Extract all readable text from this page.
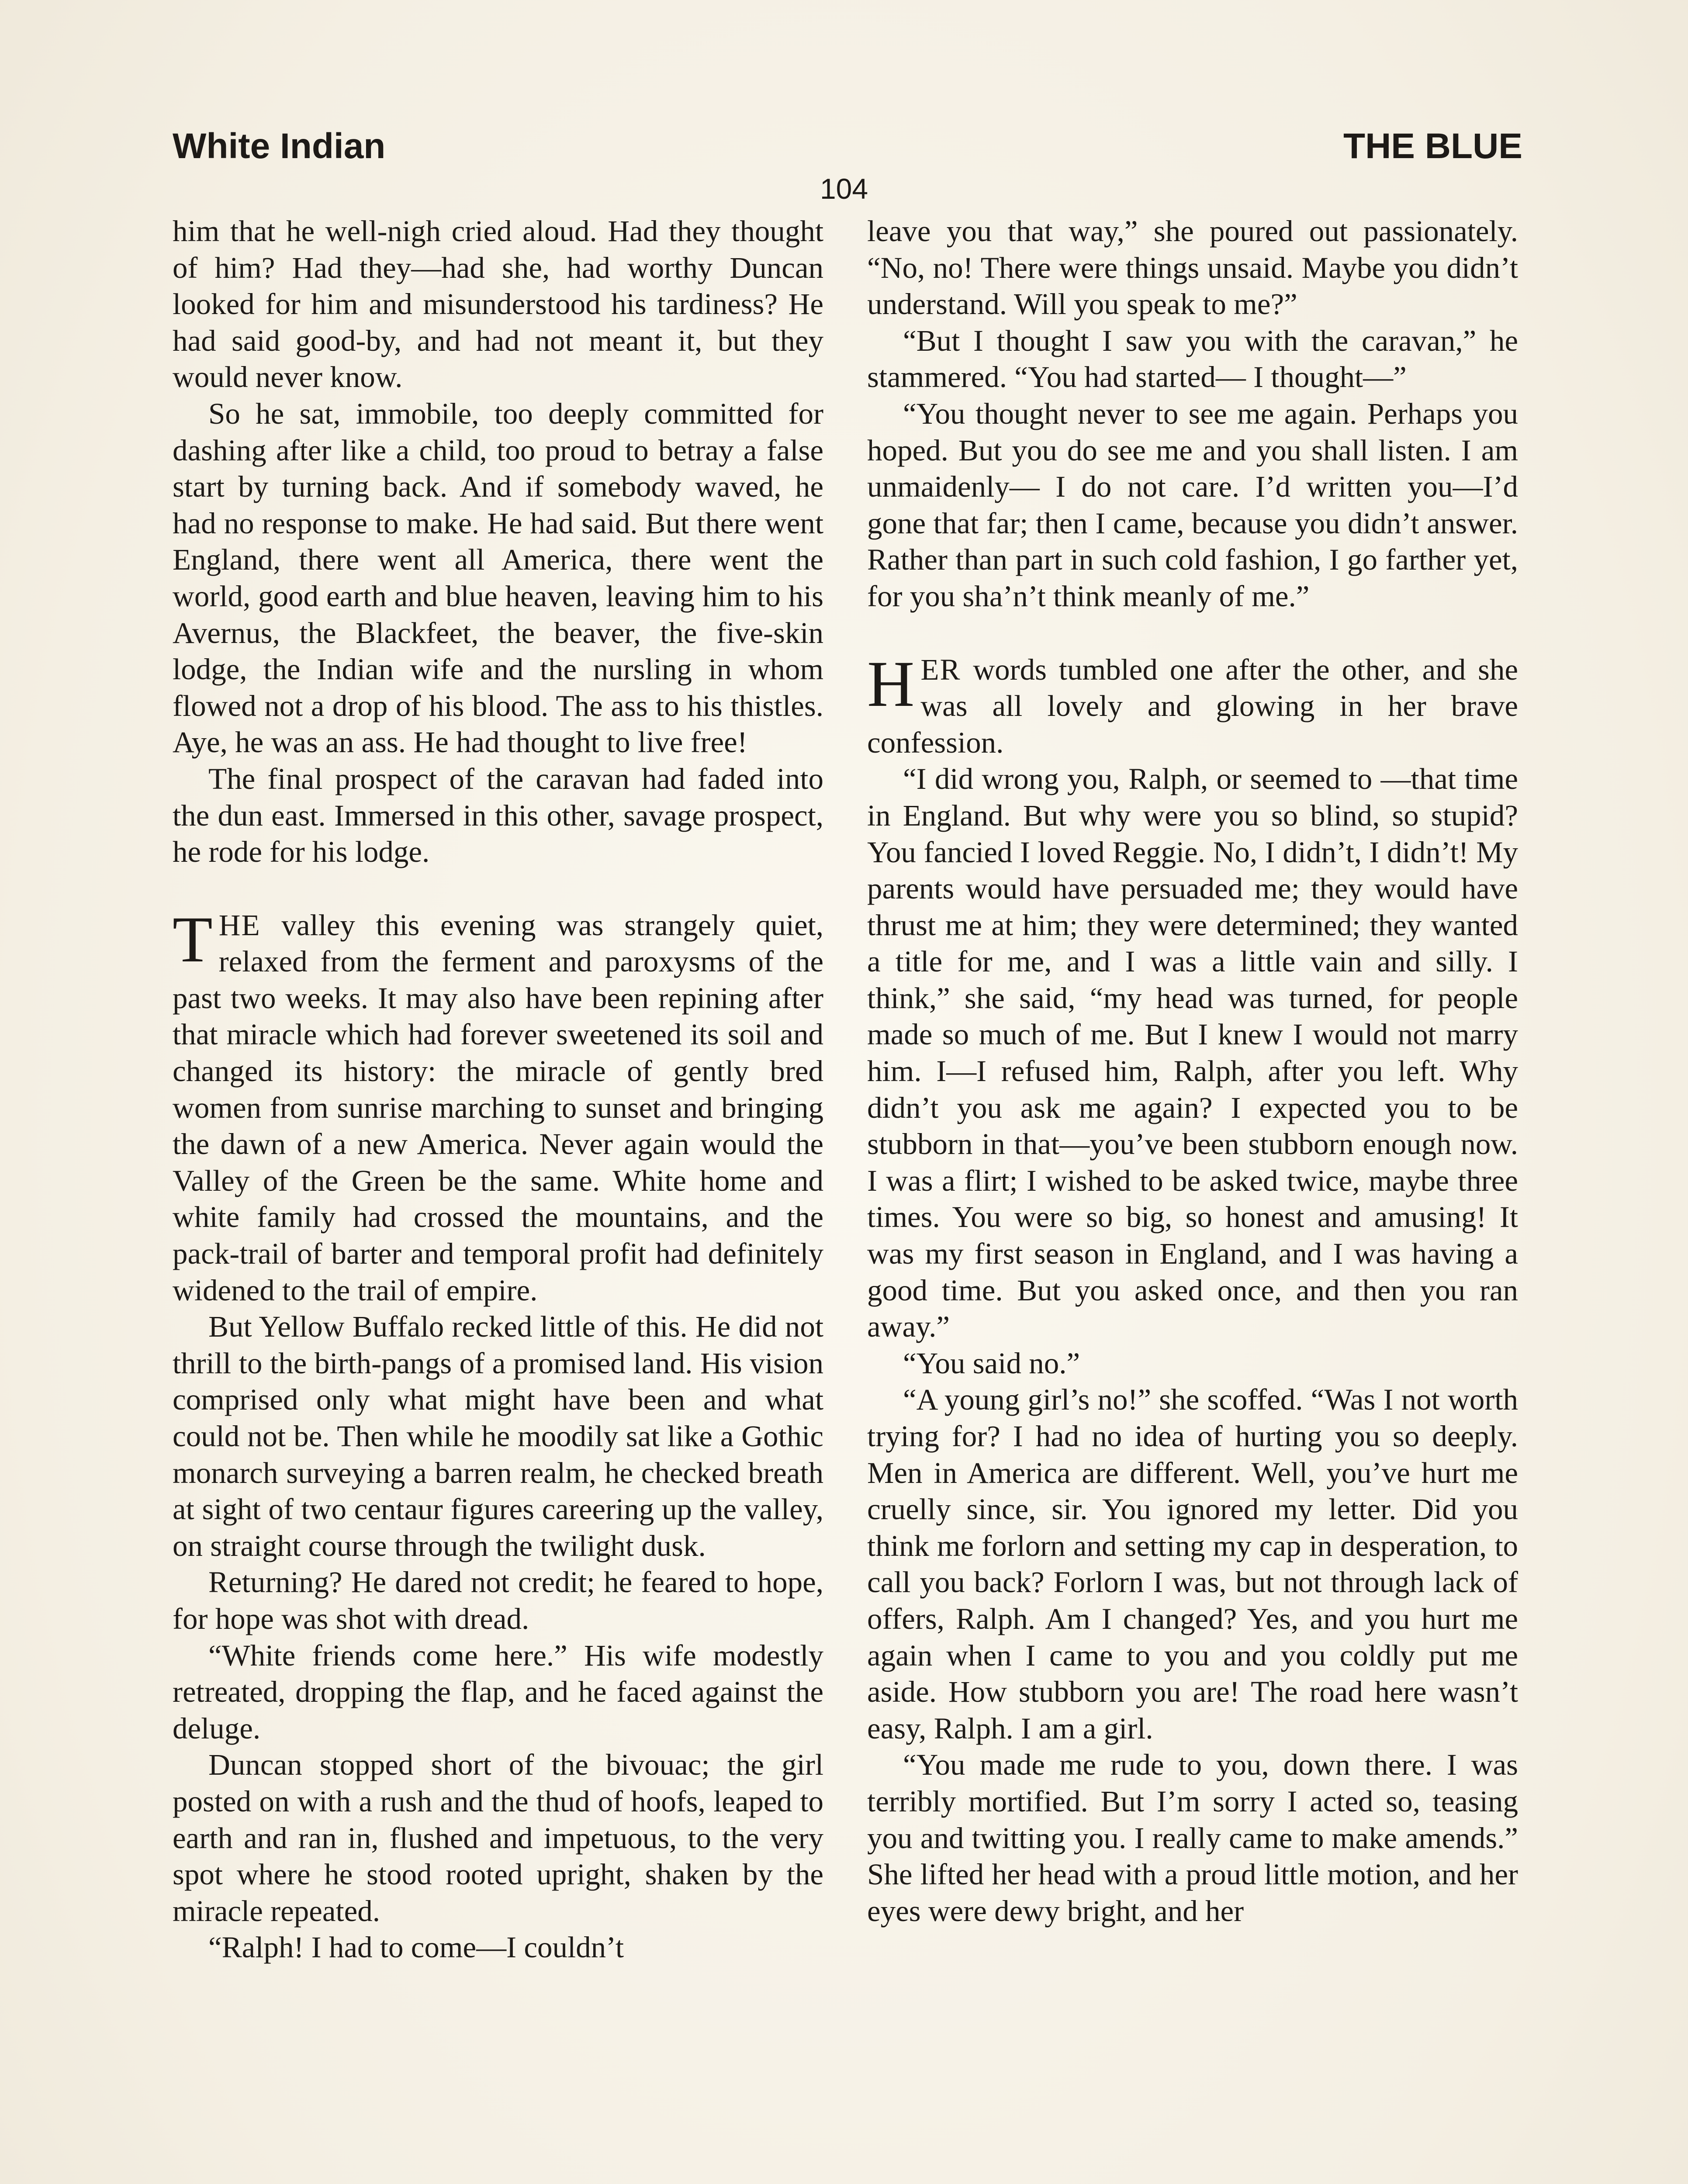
White Indian	THE BLUE
104

him that he well-nigh cried aloud. Had they thought of him? Had they—had she, had worthy Duncan looked for him and misunderstood his tardiness? He had said good-by, and had not meant it, but they would never know.

So he sat, immobile, too deeply committed for dashing after like a child, too proud to betray a false start by turning back. And if somebody waved, he had no response to make. He had said. But there went England, there went all America, there went the world, good earth and blue heaven, leaving him to his Avernus, the Blackfeet, the beaver, the five-skin lodge, the Indian wife and the nursling in whom flowed not a drop of his blood. The ass to his thistles. Aye, he was an ass. He had thought to live free!

The final prospect of the caravan had faded into the dun east. Immersed in this other, savage prospect, he rode for his lodge.

THE valley this evening was strangely quiet, relaxed from the ferment and paroxysms of the past two weeks. It may also have been repining after that miracle which had forever sweetened its soil and changed its history: the miracle of gently bred women from sunrise marching to sunset and bringing the dawn of a new America. Never again would the Valley of the Green be the same. White home and white family had crossed the mountains, and the pack-trail of barter and temporal profit had definitely widened to the trail of empire.

But Yellow Buffalo recked little of this. He did not thrill to the birth-pangs of a promised land. His vision comprised only what might have been and what could not be. Then while he moodily sat like a Gothic monarch surveying a barren realm, he checked breath at sight of two centaur figures careering up the valley, on straight course through the twilight dusk.

Returning? He dared not credit; he feared to hope, for hope was shot with dread.

“White friends come here.” His wife modestly retreated, dropping the flap, and he faced against the deluge.

Duncan stopped short of the bivouac; the girl posted on with a rush and the thud of hoofs, leaped to earth and ran in, flushed and impetuous, to the very spot where he stood rooted upright, shaken by the miracle repeated.

“Ralph! I had to come—I couldn’t

leave you that way,” she poured out passionately. “No, no! There were things unsaid. Maybe you didn’t understand. Will you speak to me?”

“But I thought I saw you with the caravan,” he stammered. “You had started— I thought—”

“You thought never to see me again. Perhaps you hoped. But you do see me and you shall listen. I am unmaidenly— I do not care. I’d written you—I’d gone that far; then I came, because you didn’t answer. Rather than part in such cold fashion, I go farther yet, for you sha’n’t think meanly of me.”

HER words tumbled one after the other, and she was all lovely and glowing in her brave confession.

“I did wrong you, Ralph, or seemed to —that time in England. But why were you so blind, so stupid? You fancied I loved Reggie. No, I didn’t, I didn’t! My parents would have persuaded me; they would have thrust me at him; they were determined; they wanted a title for me, and I was a little vain and silly. I think,” she said, “my head was turned, for people made so much of me. But I knew I would not marry him. I—I refused him, Ralph, after you left. Why didn’t you ask me again? I expected you to be stubborn in that—you’ve been stubborn enough now. I was a flirt; I wished to be asked twice, maybe three times. You were so big, so honest and amusing! It was my first season in England, and I was having a good time. But you asked once, and then you ran away.”

“You said no.”

“A young girl’s no!” she scoffed. “Was I not worth trying for? I had no idea of hurting you so deeply. Men in America are different. Well, you’ve hurt me cruelly since, sir. You ignored my letter. Did you think me forlorn and setting my cap in desperation, to call you back? Forlorn I was, but not through lack of offers, Ralph. Am I changed? Yes, and you hurt me again when I came to you and you coldly put me aside. How stubborn you are! The road here wasn’t easy, Ralph. I am a girl.

“You made me rude to you, down there. I was terribly mortified. But I’m sorry I acted so, teasing you and twitting you. I really came to make amends.” She lifted her head with a proud little motion, and her eyes were dewy bright, and her
